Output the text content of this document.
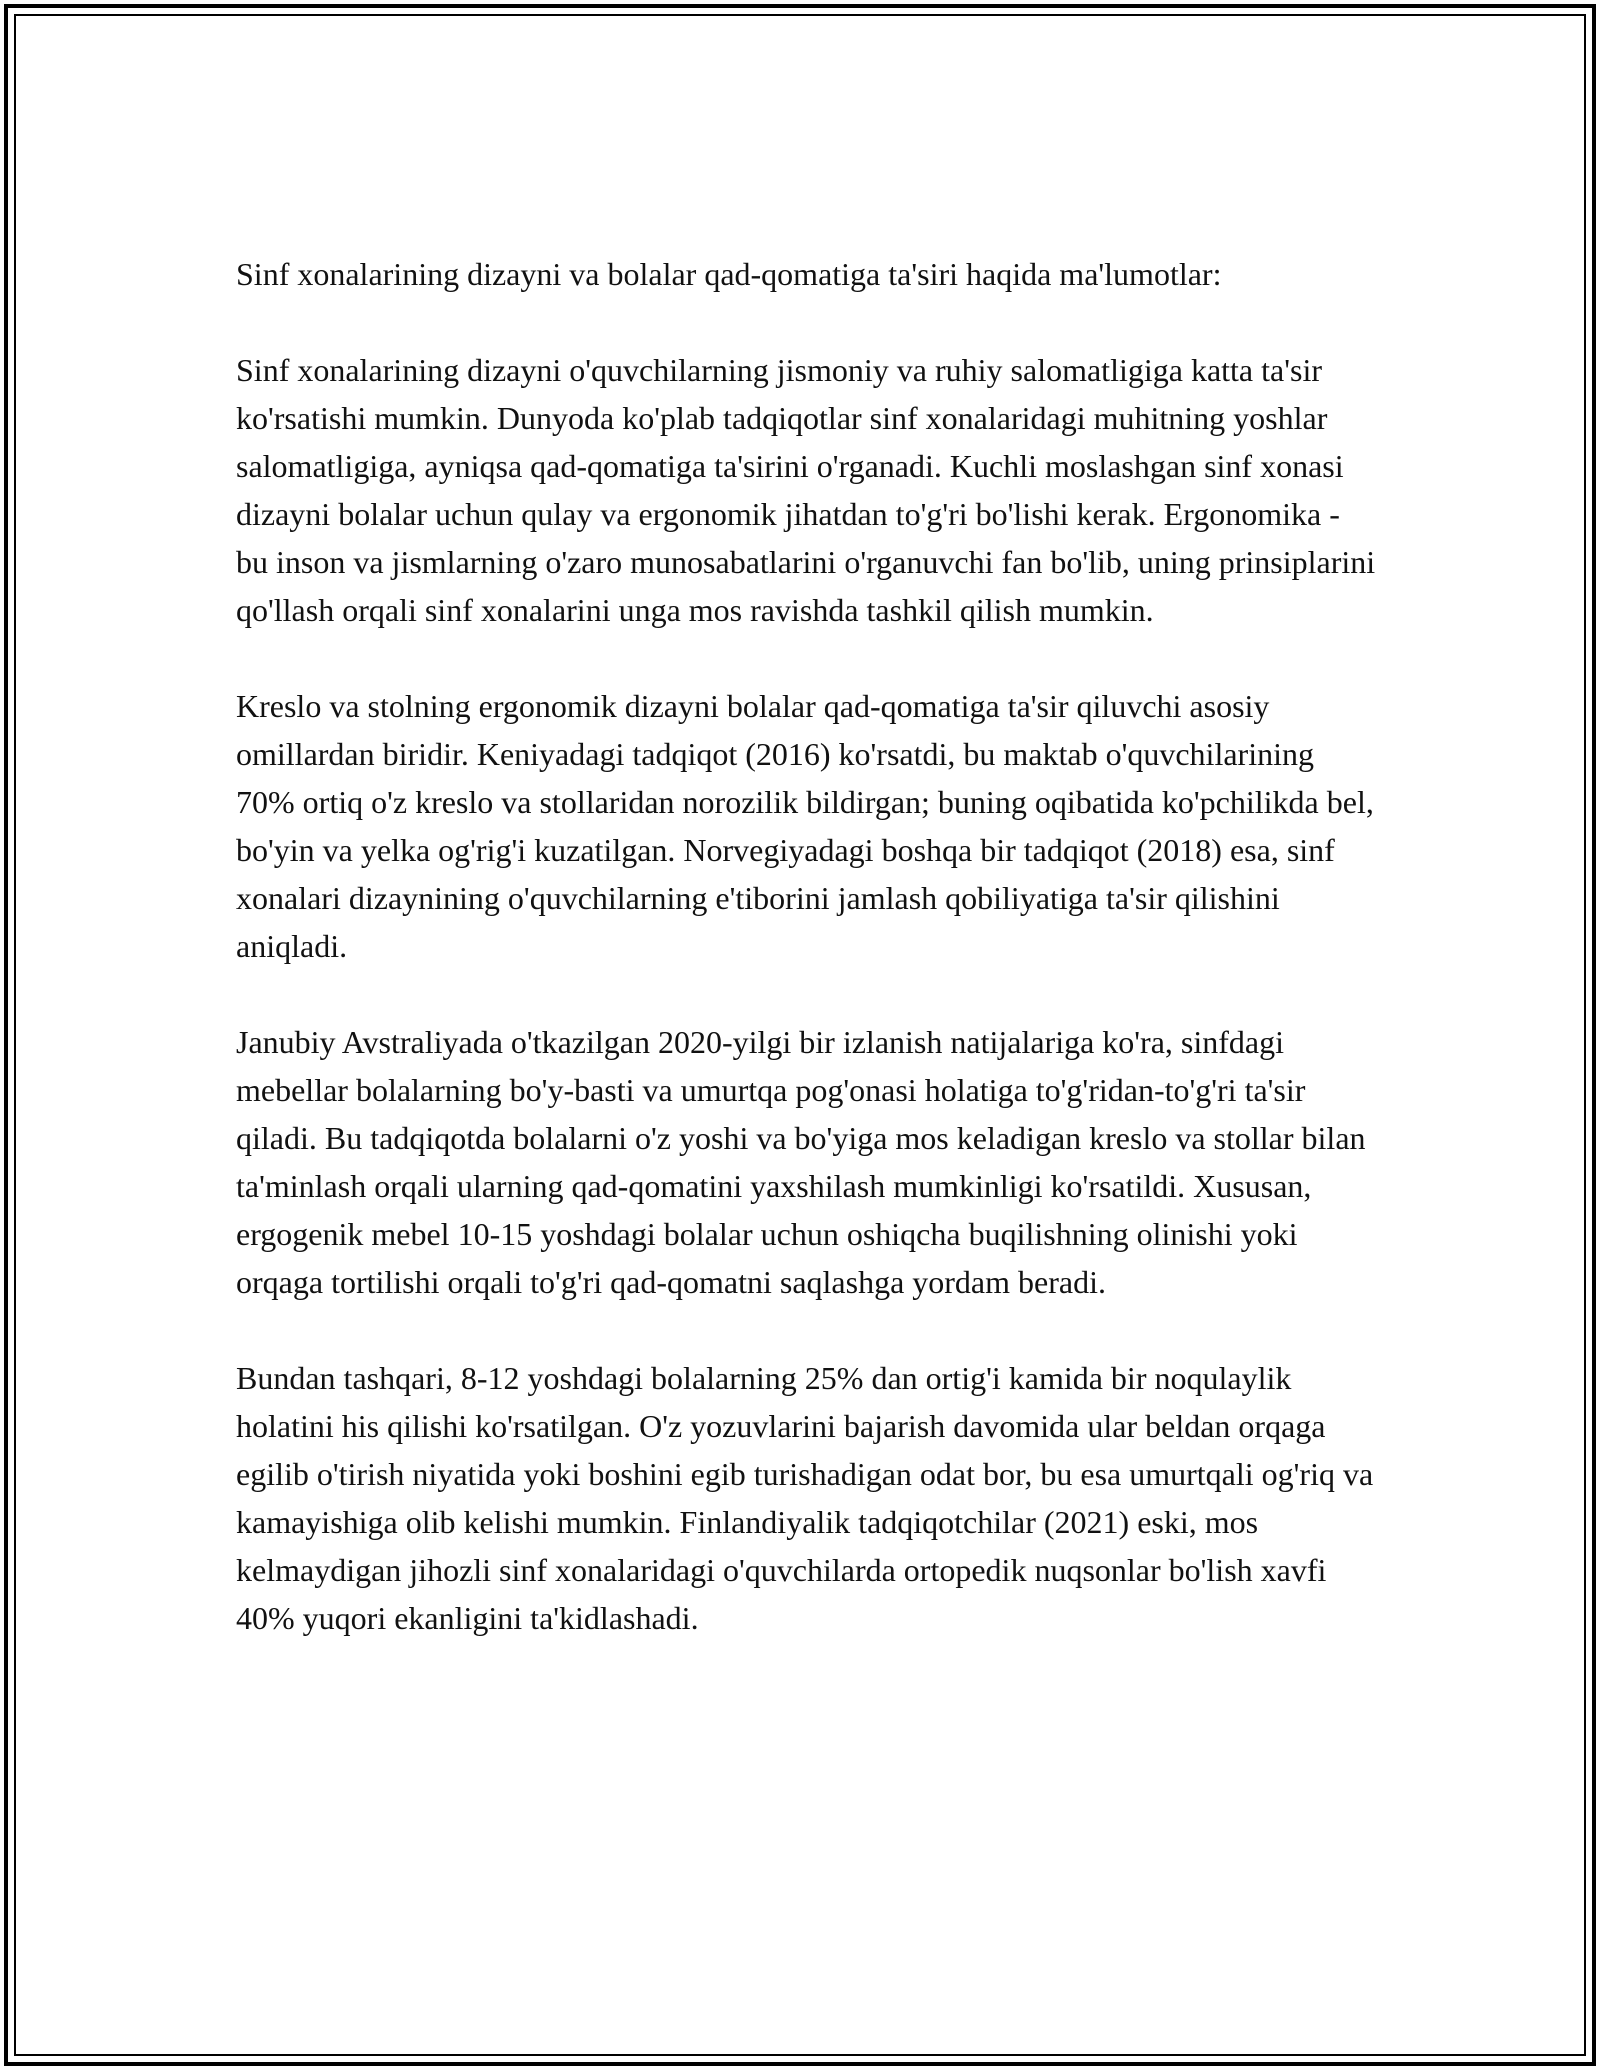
Sinf xonalarining dizayni va bolalar qad-qomatiga ta'siri haqida ma'lumotlar:

Sinf xonalarining dizayni o'quvchilarning jismoniy va ruhiy salomatligiga katta ta'sir ko'rsatishi mumkin. Dunyoda ko'plab tadqiqotlar sinf xonalaridagi muhitning yoshlar salomatligiga, ayniqsa qad-qomatiga ta'sirini o'rganadi. Kuchli moslashgan sinf xonasi dizayni bolalar uchun qulay va ergonomik jihatdan to'g'ri bo'lishi kerak. Ergonomika - bu inson va jismlarning o'zaro munosabatlarini o'rganuvchi fan bo'lib, uning prinsiplarini qo'llash orqali sinf xonalarini unga mos ravishda tashkil qilish mumkin.

Kreslo va stolning ergonomik dizayni bolalar qad-qomatiga ta'sir qiluvchi asosiy omillardan biridir. Keniyadagi tadqiqot (2016) ko'rsatdi, bu maktab o'quvchilarining 70% ortiq o'z kreslo va stollaridan norozilik bildirgan; buning oqibatida ko'pchilikda bel, bo'yin va yelka og'rig'i kuzatilgan. Norvegiyadagi boshqa bir tadqiqot (2018) esa, sinf xonalari dizaynining o'quvchilarning e'tiborini jamlash qobiliyatiga ta'sir qilishini aniqladi.

Janubiy Avstraliyada o'tkazilgan 2020-yilgi bir izlanish natijalariga ko'ra, sinfdagi mebellar bolalarning bo'y-basti va umurtqa pog'onasi holatiga to'g'ridan-to'g'ri ta'sir qiladi. Bu tadqiqotda bolalarni o'z yoshi va bo'yiga mos keladigan kreslo va stollar bilan ta'minlash orqali ularning qad-qomatini yaxshilash mumkinligi ko'rsatildi. Xususan, ergogenik mebel 10-15 yoshdagi bolalar uchun oshiqcha buqilishning olinishi yoki orqaga tortilishi orqali to'g'ri qad-qomatni saqlashga yordam beradi.

Bundan tashqari, 8-12 yoshdagi bolalarning 25% dan ortig'i kamida bir noqulaylik holatini his qilishi ko'rsatilgan. O'z yozuvlarini bajarish davomida ular beldan orqaga egilib o'tirish niyatida yoki boshini egib turishadigan odat bor, bu esa umurtqali og'riq va kamayishiga olib kelishi mumkin. Finlandiyalik tadqiqotchilar (2021) eski, mos kelmaydigan jihozli sinf xonalaridagi o'quvchilarda ortopedik nuqsonlar bo'lish xavfi 40% yuqori ekanligini ta'kidlashadi.
